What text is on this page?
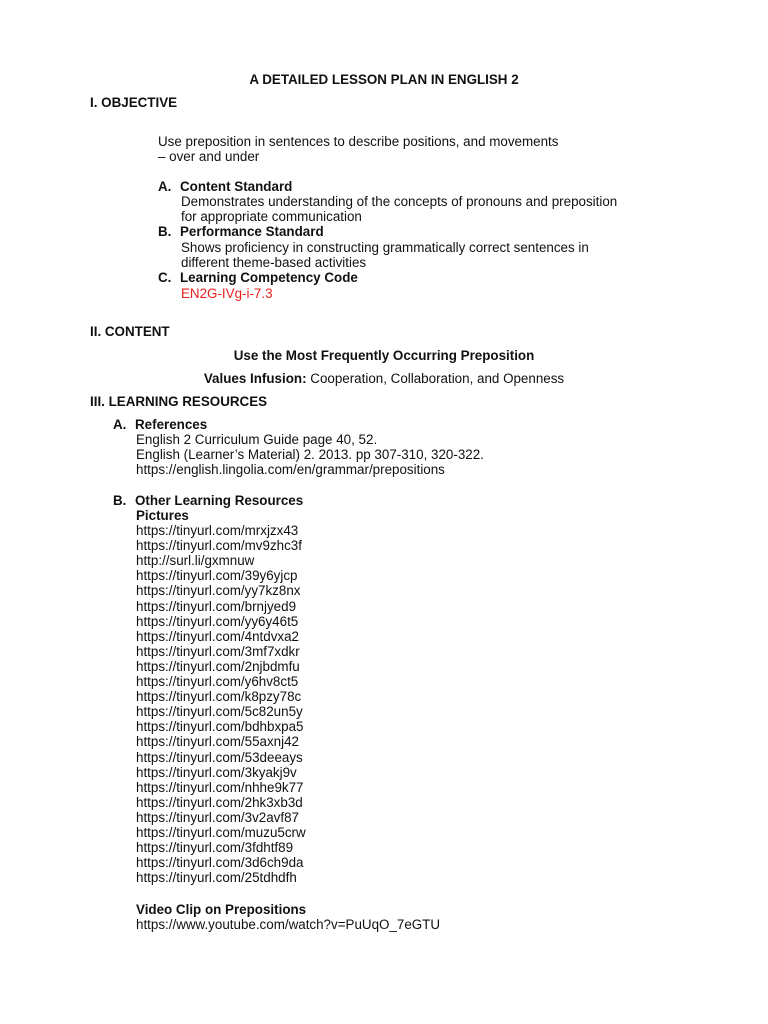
A DETAILED LESSON PLAN IN ENGLISH 2
I. OBJECTIVE
Use preposition in sentences to describe positions, and movements
– over and under
A. Content Standard
Demonstrates understanding of the concepts of pronouns and preposition
for appropriate communication
B. Performance Standard
Shows proficiency in constructing grammatically correct sentences in
different theme-based activities
C. Learning Competency Code
EN2G-IVg-i-7.3
II. CONTENT
Use the Most Frequently Occurring Preposition
Values Infusion: Cooperation, Collaboration, and Openness
III. LEARNING RESOURCES
A. References
English 2 Curriculum Guide page 40, 52.
English (Learner’s Material) 2. 2013. pp 307-310, 320-322.
https://english.lingolia.com/en/grammar/prepositions
B. Other Learning Resources
Pictures
https://tinyurl.com/mrxjzx43
https://tinyurl.com/mv9zhc3f
http://surl.li/gxmnuw
https://tinyurl.com/39y6yjcp
https://tinyurl.com/yy7kz8nx
https://tinyurl.com/brnjyed9
https://tinyurl.com/yy6y46t5
https://tinyurl.com/4ntdvxa2
https://tinyurl.com/3mf7xdkr
https://tinyurl.com/2njbdmfu
https://tinyurl.com/y6hv8ct5
https://tinyurl.com/k8pzy78c
https://tinyurl.com/5c82un5y
https://tinyurl.com/bdhbxpa5
https://tinyurl.com/55axnj42
https://tinyurl.com/53deeays
https://tinyurl.com/3kyakj9v
https://tinyurl.com/nhhe9k77
https://tinyurl.com/2hk3xb3d
https://tinyurl.com/3v2avf87
https://tinyurl.com/muzu5crw
https://tinyurl.com/3fdhtf89
https://tinyurl.com/3d6ch9da
https://tinyurl.com/25tdhdfh
Video Clip on Prepositions
https://www.youtube.com/watch?v=PuUqO_7eGTU
